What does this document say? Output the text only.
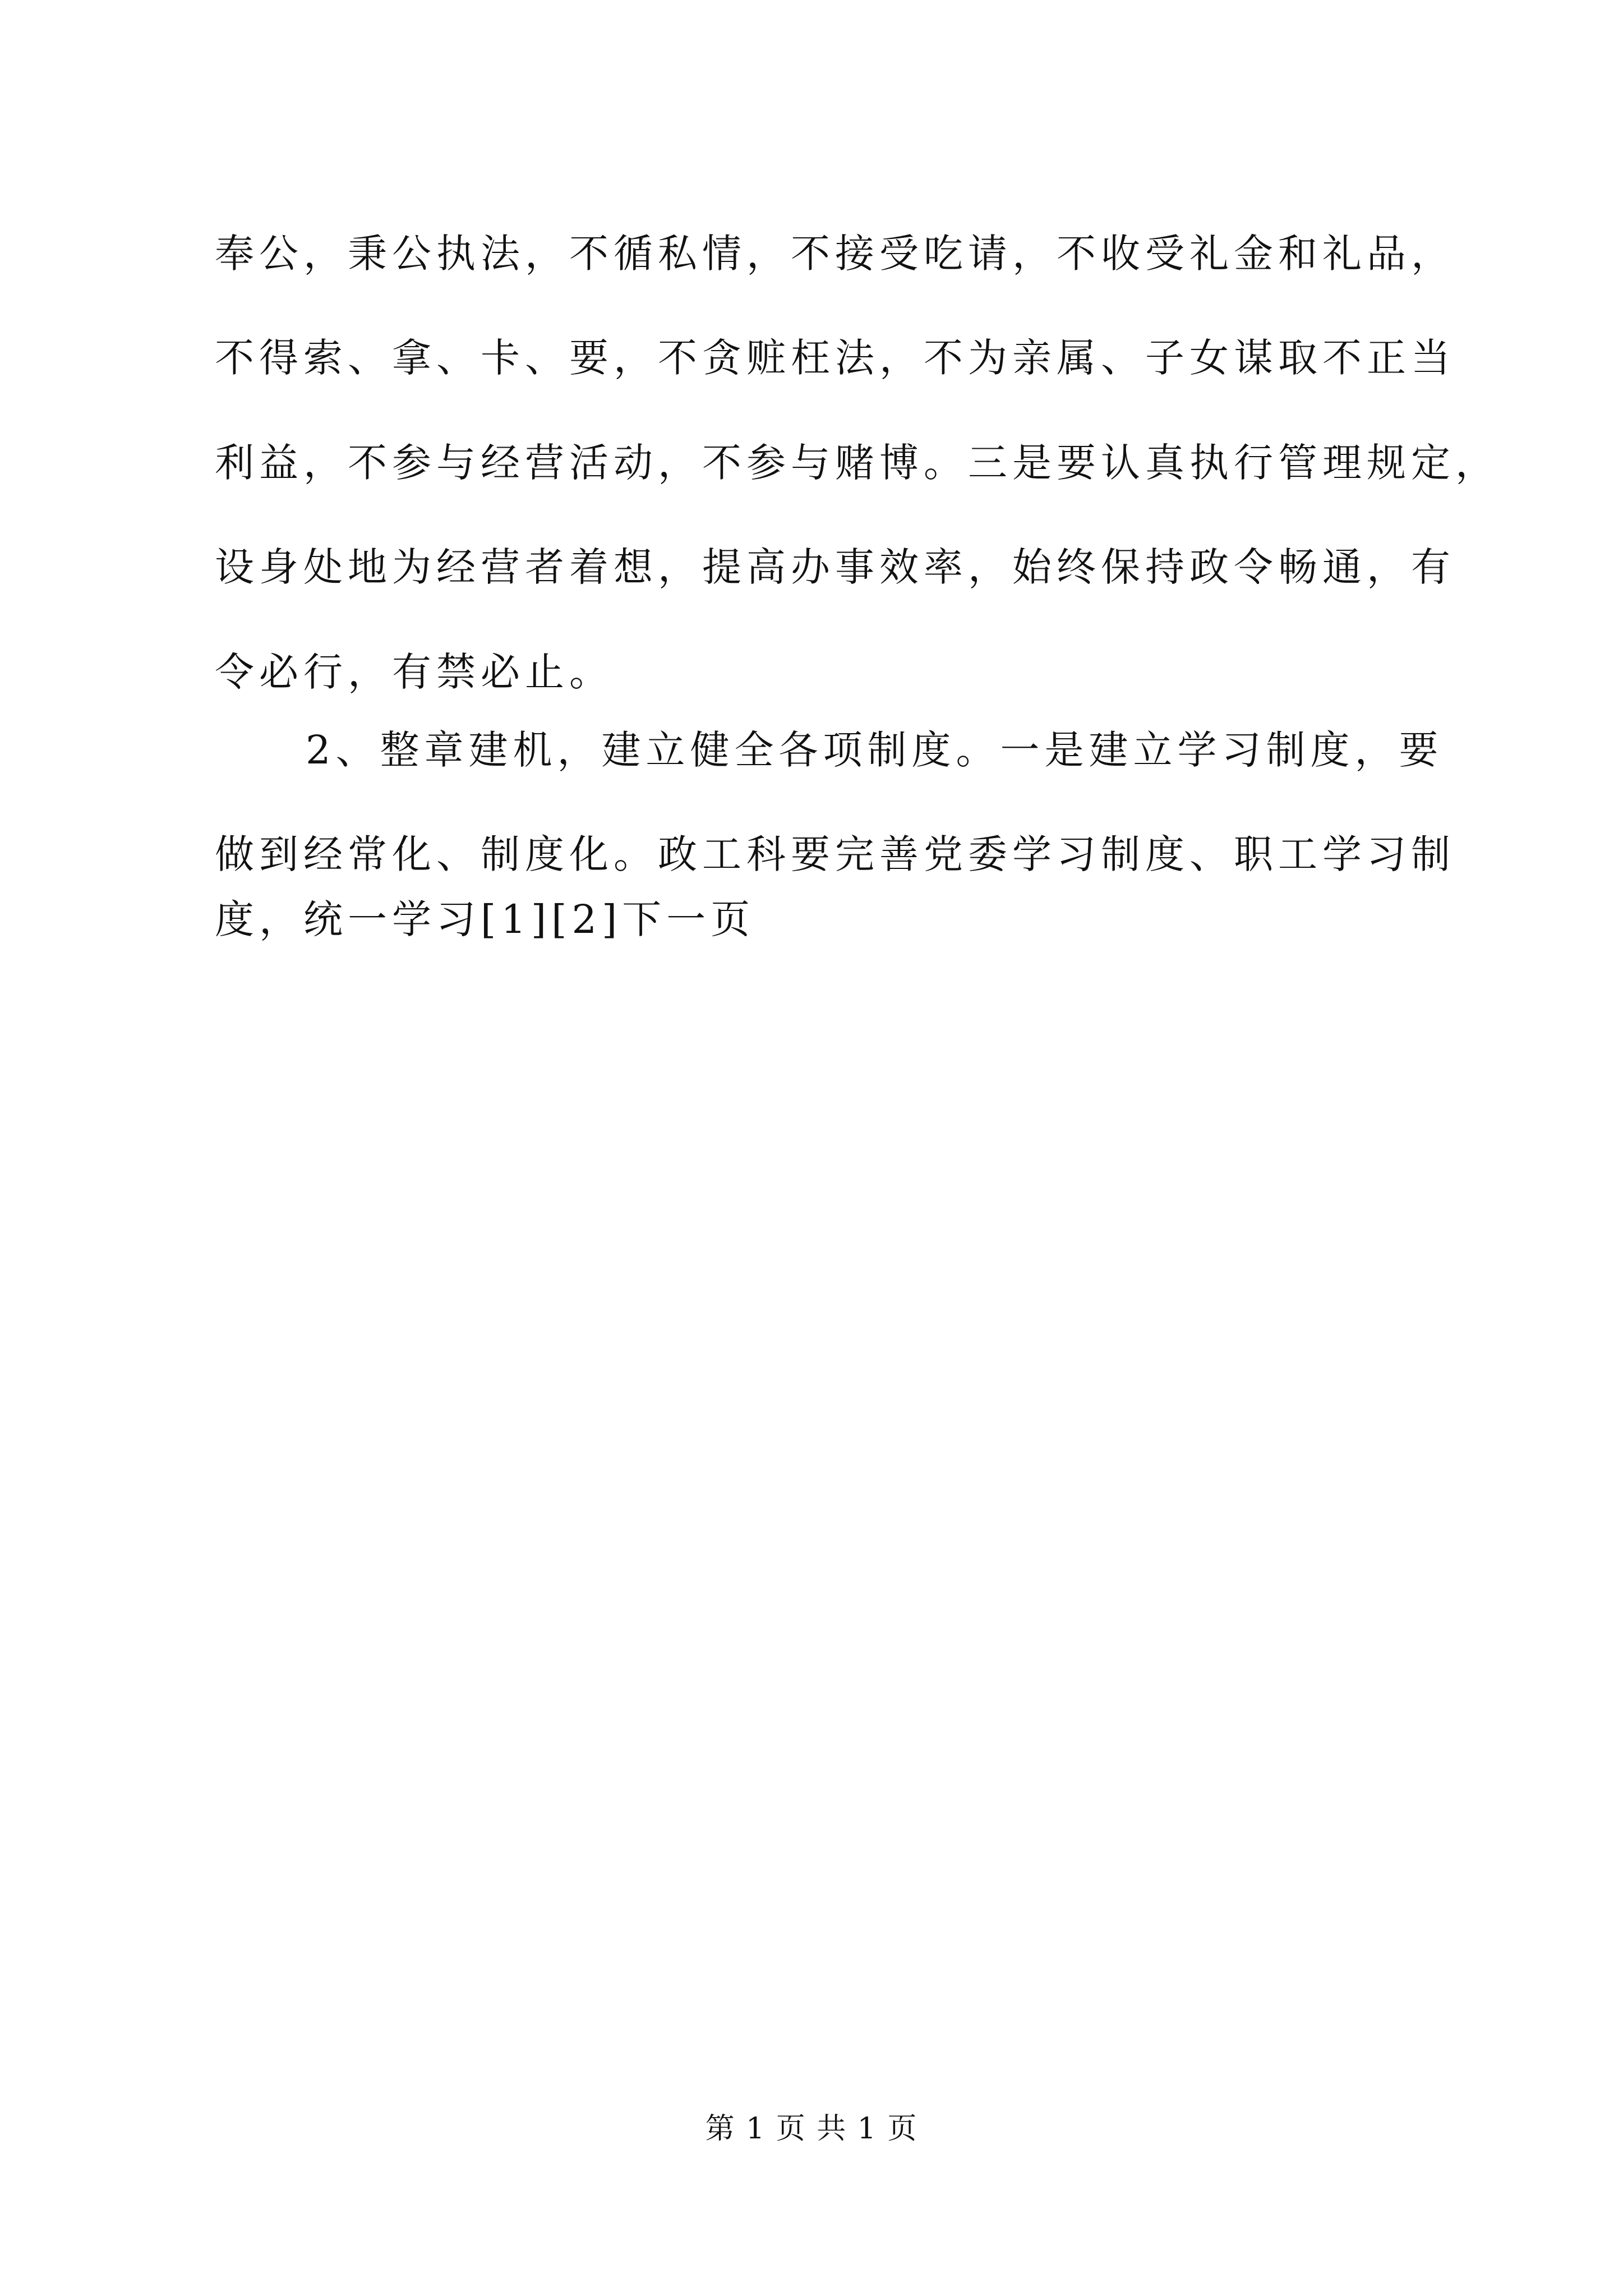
奉公，秉公执法，不循私情，不接受吃请，不收受礼金和礼品，
不得索、拿、卡、要，不贪赃枉法，不为亲属、子女谋取不正当
利益，不参与经营活动，不参与赌博。三是要认真执行管理规定，
设身处地为经营者着想，提高办事效率，始终保持政令畅通，有
令必行，有禁必止。
2、整章建机，建立健全各项制度。一是建立学习制度，要
做到经常化、制度化。政工科要完善党委学习制度、职工学习制
度，统一学习[1][2]下一页
第 1 页 共 1 页
